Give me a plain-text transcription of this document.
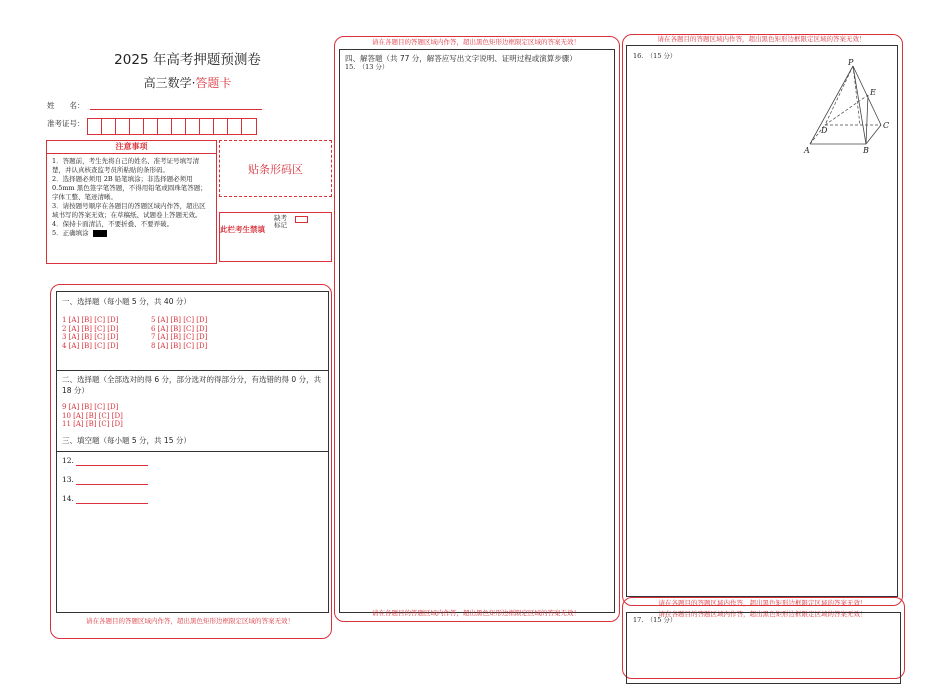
2025 年高考押题预测卷
高三数学·答题卡
姓　　名：
准考证号：
注意事项
1．答题前，考生先将自己的姓名、准考证号填写清楚，并认真核查监考员所粘贴的条形码。
2．选择题必须用 2B 铅笔填涂；非选择题必须用 0.5mm 黑色签字笔答题，不得用铅笔或圆珠笔答题；字体工整、笔迹清晰。
3．请按题号顺序在各题目的答题区域内作答，超出区域书写的答案无效；在草稿纸、试题卷上答题无效。
4．保持卡面清洁，不要折叠、不要弄破。
5．正确填涂
贴条形码区
此栏考生禁填
缺考
标记
一、选择题（每小题 5 分，共 40 分）
1 [A] [B] [C] [D]
2 [A] [B] [C] [D]
3 [A] [B] [C] [D]
4 [A] [B] [C] [D]
5 [A] [B] [C] [D]
6 [A] [B] [C] [D]
7 [A] [B] [C] [D]
8 [A] [B] [C] [D]
二、选择题（全部选对的得 6 分，部分选对的得部分分，有选错的得 0 分，共 18 分）
9 [A] [B] [C] [D]
10 [A] [B] [C] [D]
11 [A] [B] [C] [D]
三、填空题（每小题 5 分，共 15 分）
12.
13.
14.
请在各题目的答题区域内作答，超出黑色矩形边框限定区域的答案无效！
请在各题目的答题区域内作答，超出黑色矩形边框限定区域的答案无效！
四、解答题（共 77 分，解答应写出文字说明、证明过程或演算步骤）
15.　（13 分）
请在各题目的答题区域内作答，超出黑色矩形边框限定区域的答案无效！
请在各题目的答题区域内作答，超出黑色矩形边框限定区域的答案无效！
16.　（15 分）
P
E
D
C
A	B
请在各题目的答题区域内作答，超出黑色矩形边框限定区域的答案无效！
请在各题目的答题区域内作答，超出黑色矩形边框限定区域的答案无效！
17.　（15 分）
